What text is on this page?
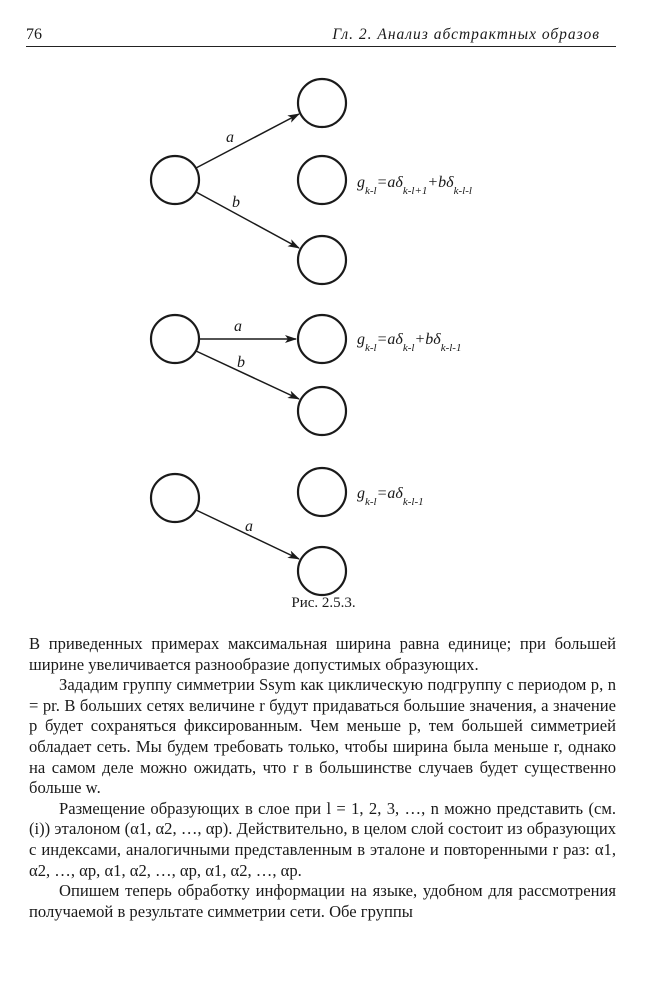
76	Гл. 2. Анализ абстрактных образов
a
b
a
b
a
$g_{k-l}=a\delta_{k-l+1}+b\delta_{k-l-l}$
$g_{k-l}=a\delta_{k-l}+b\delta_{k-l-1}$
$g_{k-l}=a\delta_{k-l-1}$
Рис. 2.5.3.

В приведенных примерах максимальная ширина равна единице; при большей ширине увеличивается разнообразие допустимых образующих.

Зададим группу симметрии Ssym как циклическую подгруппу с периодом p, n = pr. В больших сетях величине r будут придаваться большие значения, а значение p будет сохраняться фиксированным. Чем меньше p, тем большей симметрией обладает сеть. Мы будем требовать только, чтобы ширина была меньше r, однако на самом деле можно ожидать, что r в большинстве случаев будет существенно больше w.

Размещение образующих в слое при l = 1, 2, 3, …, n можно представить (см. (i)) эталоном (α1, α2, …, αp). Действительно, в целом слой состоит из образующих с индексами, аналогичными представленным в эталоне и повторенными r раз: α1, α2, …, αp, α1, α2, …, αp, α1, α2, …, αp.

Опишем теперь обработку информации на языке, удобном для рассмотрения получаемой в результате симметрии сети. Обе группы
